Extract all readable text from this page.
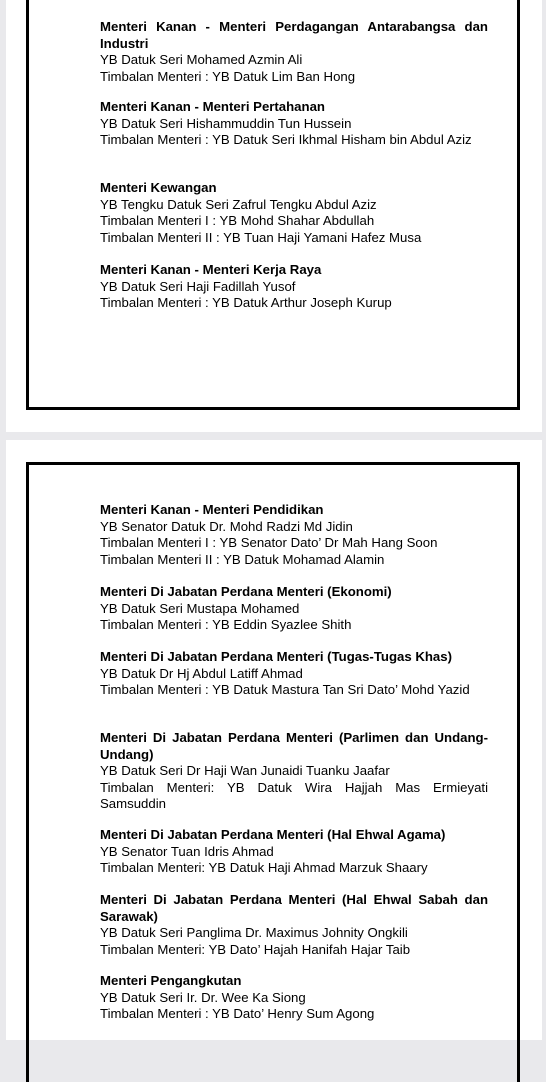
Menteri Kanan - Menteri Perdagangan Antarabangsa dan Industri
YB Datuk Seri Mohamed Azmin Ali
Timbalan Menteri : YB Datuk Lim Ban Hong
Menteri Kanan - Menteri Pertahanan
YB Datuk Seri Hishammuddin Tun Hussein
Timbalan Menteri : YB Datuk Seri Ikhmal Hisham bin Abdul Aziz
Menteri Kewangan
YB Tengku Datuk Seri Zafrul Tengku Abdul Aziz
Timbalan Menteri I : YB Mohd Shahar Abdullah
Timbalan Menteri II : YB Tuan Haji Yamani Hafez Musa
Menteri Kanan - Menteri Kerja Raya
YB Datuk Seri Haji Fadillah Yusof
Timbalan Menteri : YB Datuk Arthur Joseph Kurup
Menteri Kanan - Menteri Pendidikan
YB Senator Datuk Dr. Mohd Radzi Md Jidin
Timbalan Menteri I : YB Senator Dato’ Dr Mah Hang Soon
Timbalan Menteri II : YB Datuk Mohamad Alamin
Menteri Di Jabatan Perdana Menteri (Ekonomi)
YB Datuk Seri Mustapa Mohamed
Timbalan Menteri : YB Eddin Syazlee Shith
Menteri Di Jabatan Perdana Menteri (Tugas-Tugas Khas)
YB Datuk Dr Hj Abdul Latiff Ahmad
Timbalan Menteri : YB Datuk Mastura Tan Sri Dato’ Mohd Yazid
Menteri Di Jabatan Perdana Menteri (Parlimen dan Undang-Undang)
YB Datuk Seri Dr Haji Wan Junaidi Tuanku Jaafar
Timbalan Menteri: YB Datuk Wira Hajjah Mas Ermieyati Samsuddin
Menteri Di Jabatan Perdana Menteri (Hal Ehwal Agama)
YB Senator Tuan Idris Ahmad
Timbalan Menteri: YB Datuk Haji Ahmad Marzuk Shaary
Menteri Di Jabatan Perdana Menteri (Hal Ehwal Sabah dan Sarawak)
YB Datuk Seri Panglima Dr. Maximus Johnity Ongkili
Timbalan Menteri: YB Dato’ Hajah Hanifah Hajar Taib
Menteri Pengangkutan
YB Datuk Seri Ir. Dr. Wee Ka Siong
Timbalan Menteri : YB Dato’ Henry Sum Agong
